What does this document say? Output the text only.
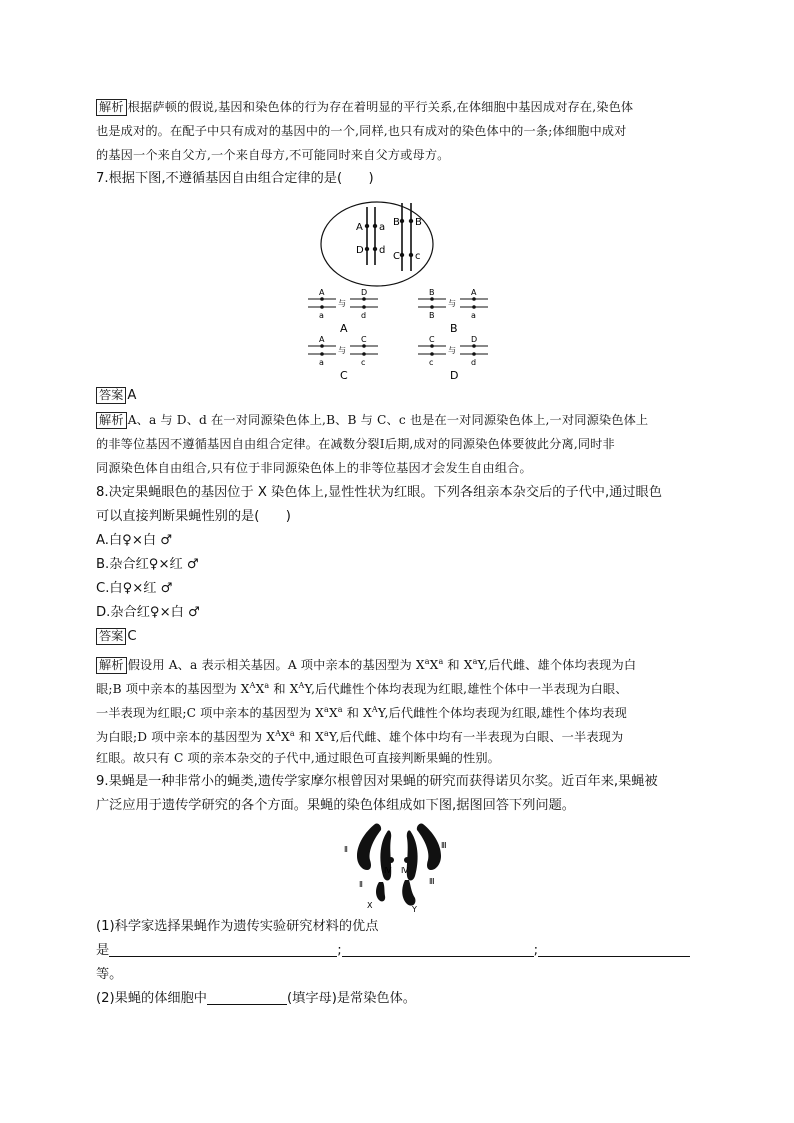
解析 根据萨顿的假说,基因和染色体的行为存在着明显的平行关系,在体细胞中基因成对存在,染色体
也是成对的。在配子中只有成对的基因中的一个,同样,也只有成对的染色体中的一条;体细胞中成对
的基因一个来自父方,一个来自母方,不可能同时来自父方或母方。
7.根据下图,不遵循基因自由组合定律的是(　　)
A a
D d
B B
C c
A
a
与
D
d
A
B
B
与
A
a
B
A
a
与
C
c
C
C
c
与
D
d
D
答案 A
解析 A、a 与 D、d 在一对同源染色体上,B、B 与 C、c 也是在一对同源染色体上,一对同源染色体上
的非等位基因不遵循基因自由组合定律。在减数分裂Ⅰ后期,成对的同源染色体要彼此分离,同时非
同源染色体自由组合,只有位于非同源染色体上的非等位基因才会发生自由组合。
8.决定果蝇眼色的基因位于 X 染色体上,显性性状为红眼。下列各组亲本杂交后的子代中,通过眼色
可以直接判断果蝇性别的是(　　)
A.白♀×白 ♂
B.杂合红♀×红 ♂
C.白♀×红 ♂
D.杂合红♀×白 ♂
答案 C
解析 假设用 A、a 表示相关基因。A 项中亲本的基因型为 $X^aX^a$ 和 $X^aY$,后代雌、雄个体均表现为白
眼;B 项中亲本的基因型为 $X^AX^a$ 和 $X^AY$,后代雌性个体均表现为红眼,雄性个体中一半表现为白眼、
一半表现为红眼;C 项中亲本的基因型为 $X^aX^a$ 和 $X^AY$,后代雌性个体均表现为红眼,雄性个体均表现
为白眼;D 项中亲本的基因型为 $X^AX^a$ 和 $X^aY$,后代雌、雄个体中均有一半表现为白眼、一半表现为
红眼。故只有 C 项的亲本杂交的子代中,通过眼色可直接判断果蝇的性别。
9.果蝇是一种非常小的蝇类,遗传学家摩尔根曾因对果蝇的研究而获得诺贝尔奖。近百年来,果蝇被
广泛应用于遗传学研究的各个方面。果蝇的染色体组成如下图,据图回答下列问题。
Ⅱ	Ⅲ
Ⅱ	Ⅲ
Ⅳ Ⅳ
X	Y
(1)科学家选择果蝇作为遗传实验研究材料的优点
是	;	;
等。
(2)果蝇的体细胞中	(填字母)是常染色体。
